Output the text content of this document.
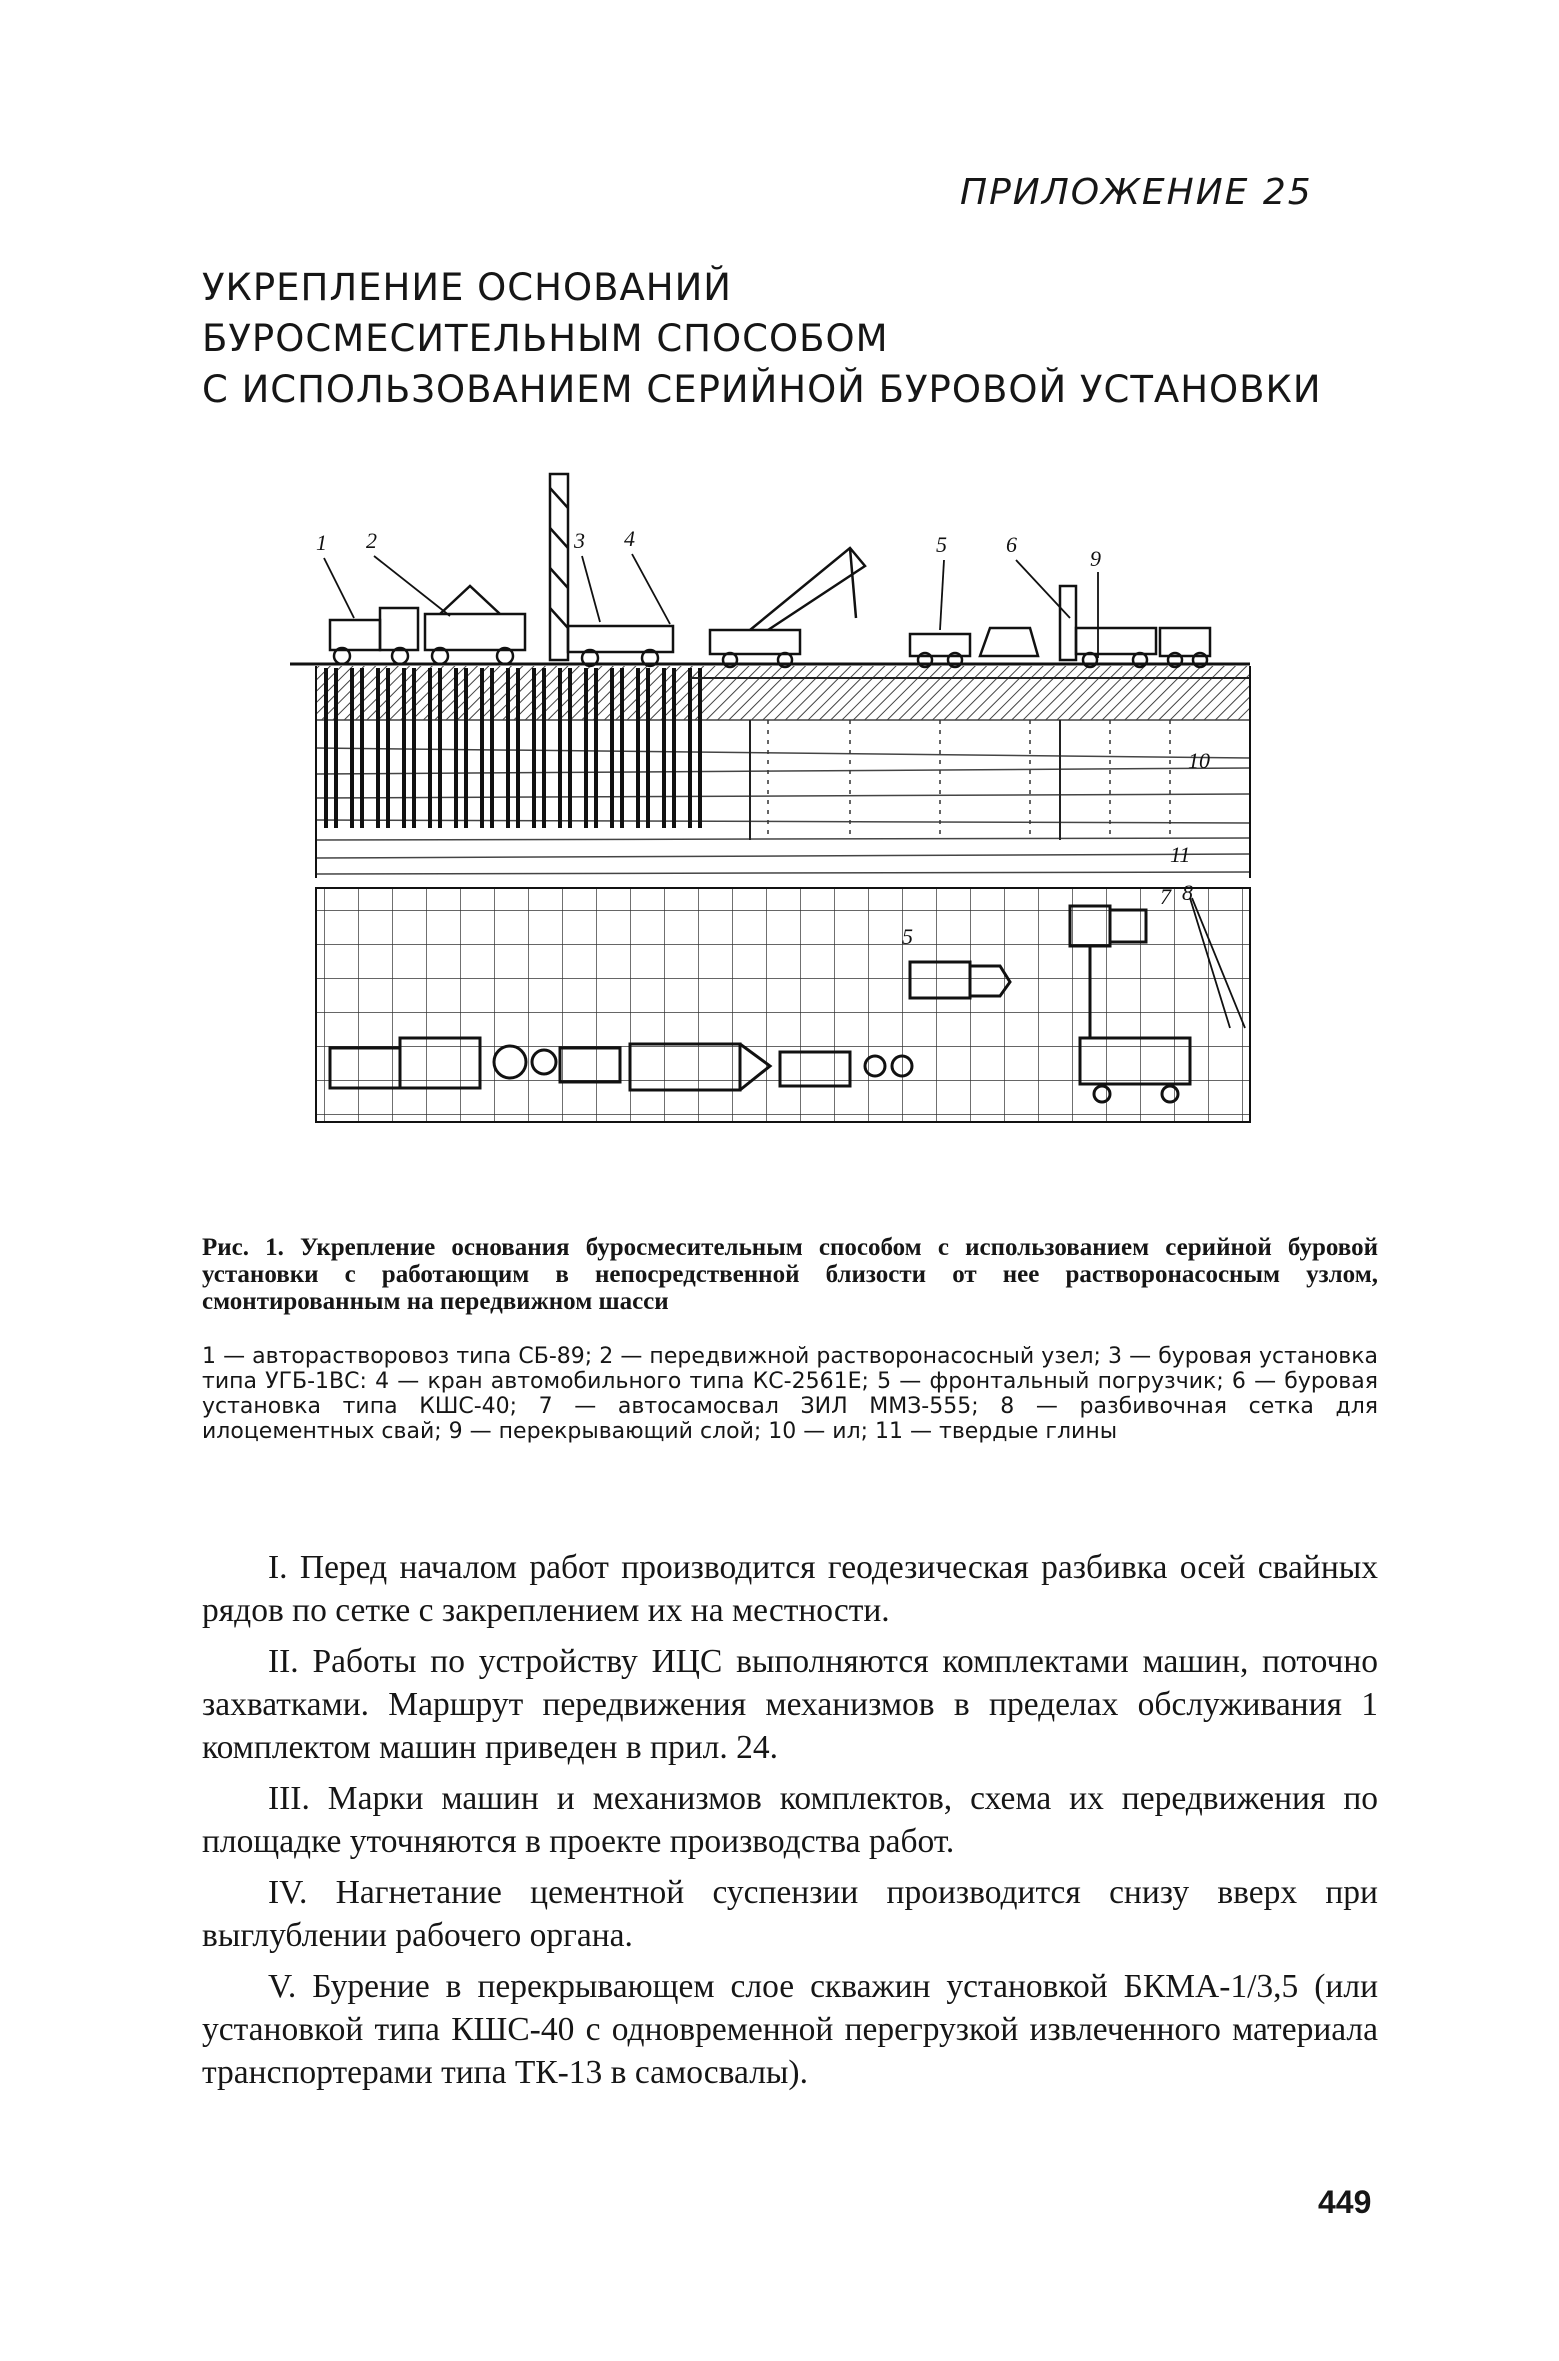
ПРИЛОЖЕНИЕ 25
УКРЕПЛЕНИЕ ОСНОВАНИЙ
БУРОСМЕСИТЕЛЬНЫМ СПОСОБОМ
С ИСПОЛЬЗОВАНИЕМ СЕРИЙНОЙ БУРОВОЙ УСТАНОВКИ
1 2	3 4	5	6
9
10
11
5
7 8
Рис. 1. Укрепление основания буросмесительным способом с использованием серийной буровой установки с работающим в непосредственной близости от нее растворонасосным узлом, смонтированным на передвижном шасси
1 — авторастворовоз типа СБ-89; 2 — передвижной растворонасосный узел; 3 — буровая установка типа УГБ-1ВС: 4 — кран автомобильного типа КС-2561Е; 5 — фронтальный погрузчик; 6 — буровая установка типа КШС-40; 7 — автосамосвал ЗИЛ ММЗ-555; 8 — разбивочная сетка для илоцементных свай; 9 — перекрывающий слой; 10 — ил; 11 — твердые глины

I. Перед началом работ производится геодезическая разбивка осей свайных рядов по сетке с закреплением их на местности.

II. Работы по устройству ИЦС выполняются комплектами машин, поточно захватками. Маршрут передвижения механизмов в пределах обслуживания 1 комплектом машин приведен в прил. 24.

III. Марки машин и механизмов комплектов, схема их передвижения по площадке уточняются в проекте производства работ.

IV. Нагнетание цементной суспензии производится снизу вверх при выглублении рабочего органа.

V. Бурение в перекрывающем слое скважин установкой БКМА-1/3,5 (или установкой типа КШС-40 с одновременной перегрузкой извлеченного материала транспортерами типа ТК-13 в самосвалы).

449
